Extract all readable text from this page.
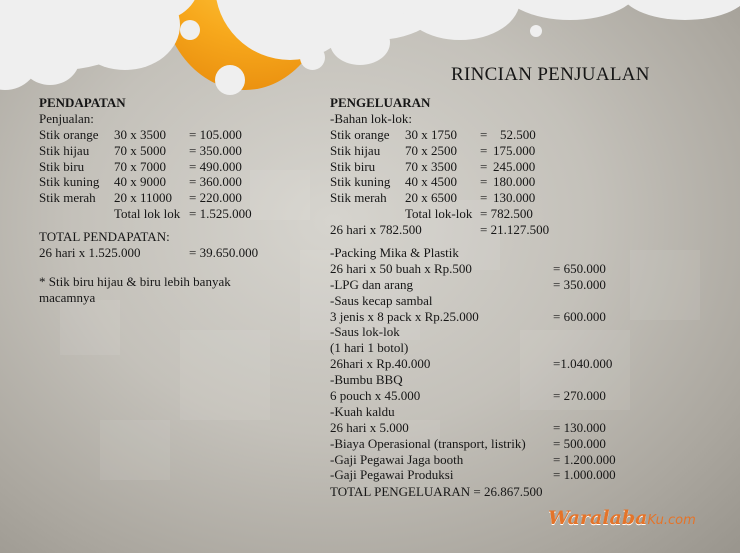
RINCIAN PENJUALAN
PENDAPATAN
Penjualan:
Stik orange 30 x 3500 = 105.000
Stik hijau 70 x 5000 = 350.000
Stik biru 70 x 7000 = 490.000
Stik kuning 40 x 9000 = 360.000
Stik merah 20 x 11000 = 220.000
Total lok lok = 1.525.000
TOTAL PENDAPATAN:
26 hari x 1.525.000	= 39.650.000
* Stik biru hijau & biru lebih banyak macamnya
PENGELUARAN
-Bahan lok-lok:
Stik orange 30 x 1750 = 52.500
Stik hijau 70 x 2500 = 175.000
Stik biru 70 x 3500 = 245.000
Stik kuning 40 x 4500 = 180.000
Stik merah 20 x 6500 = 130.000
Total lok-lok = 782.500
26 hari x 782.500	= 21.127.500
-Packing Mika & Plastik
26 hari x 50 buah x Rp.500	= 650.000
-LPG dan arang	= 350.000
-Saus kecap sambal
3 jenis x 8 pack x Rp.25.000	= 600.000
-Saus lok-lok
(1 hari 1 botol)
26hari x Rp.40.000	=1.040.000
-Bumbu BBQ
6 pouch x 45.000	= 270.000
-Kuah kaldu
26 hari x 5.000	= 130.000
-Biaya Operasional (transport, listrik) = 500.000
-Gaji Pegawai Jaga booth	= 1.200.000
-Gaji Pegawai Produksi	= 1.000.000
TOTAL PENGELUARAN = 26.867.500
WaralabaKu.com
